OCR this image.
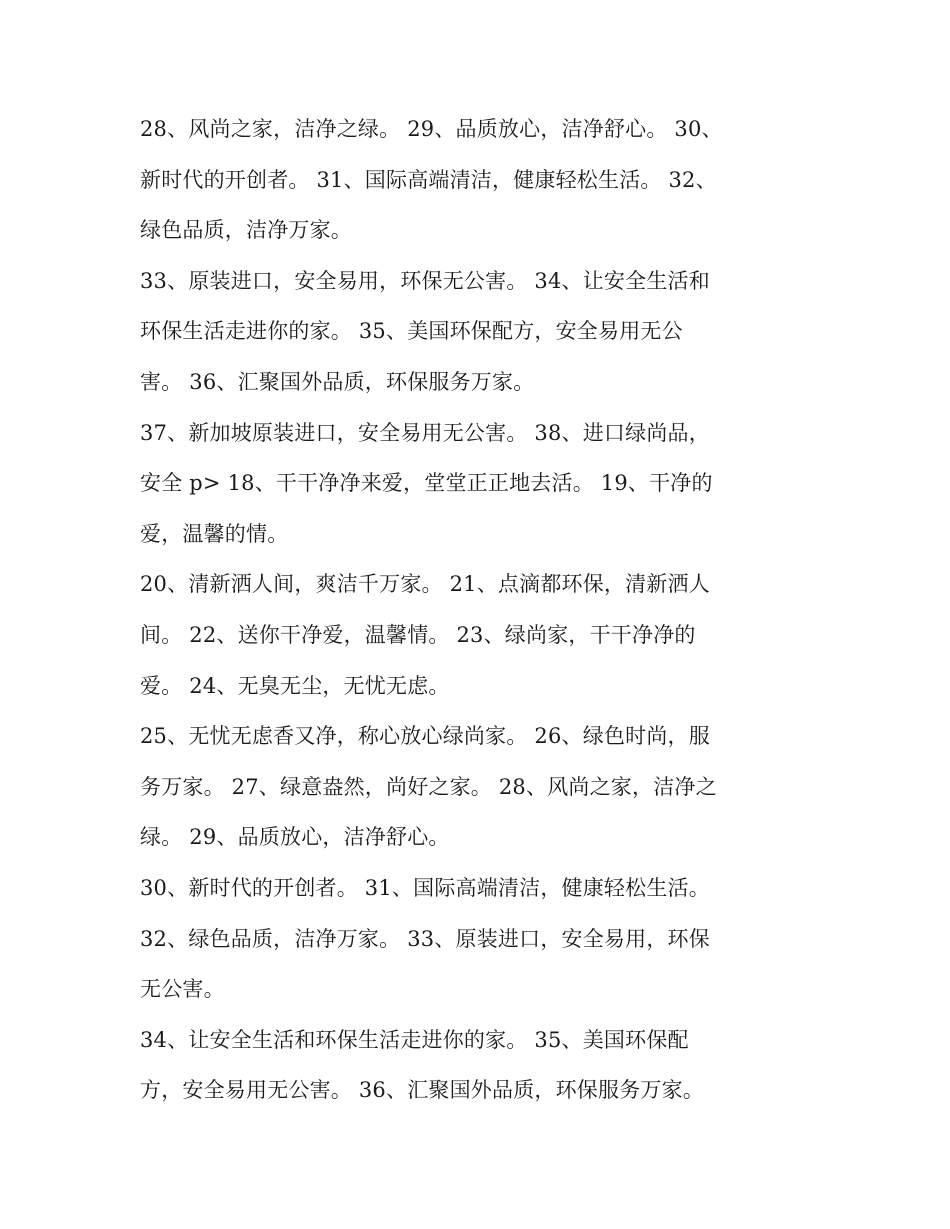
28、风尚之家，洁净之绿。 29、品质放心，洁净舒心。 30、
新时代的开创者。 31、国际高端清洁，健康轻松生活。 32、
绿色品质，洁净万家。

33、原装进口，安全易用，环保无公害。 34、让安全生活和
环保生活走进你的家。 35、美国环保配方，安全易用无公
害。 36、汇聚国外品质，环保服务万家。

37、新加坡原装进口，安全易用无公害。 38、进口绿尚品，
安全 p> 18、干干净净来爱，堂堂正正地去活。 19、干净的
爱，温馨的情。

20、清新洒人间，爽洁千万家。 21、点滴都环保，清新洒人
间。 22、送你干净爱，温馨情。 23、绿尚家，干干净净的
爱。 24、无臭无尘，无忧无虑。

25、无忧无虑香又净，称心放心绿尚家。 26、绿色时尚，服
务万家。 27、绿意盎然，尚好之家。 28、风尚之家，洁净之
绿。 29、品质放心，洁净舒心。

30、新时代的开创者。 31、国际高端清洁，健康轻松生活。
32、绿色品质，洁净万家。 33、原装进口，安全易用，环保
无公害。

34、让安全生活和环保生活走进你的家。 35、美国环保配
方，安全易用无公害。 36、汇聚国外品质，环保服务万家。
